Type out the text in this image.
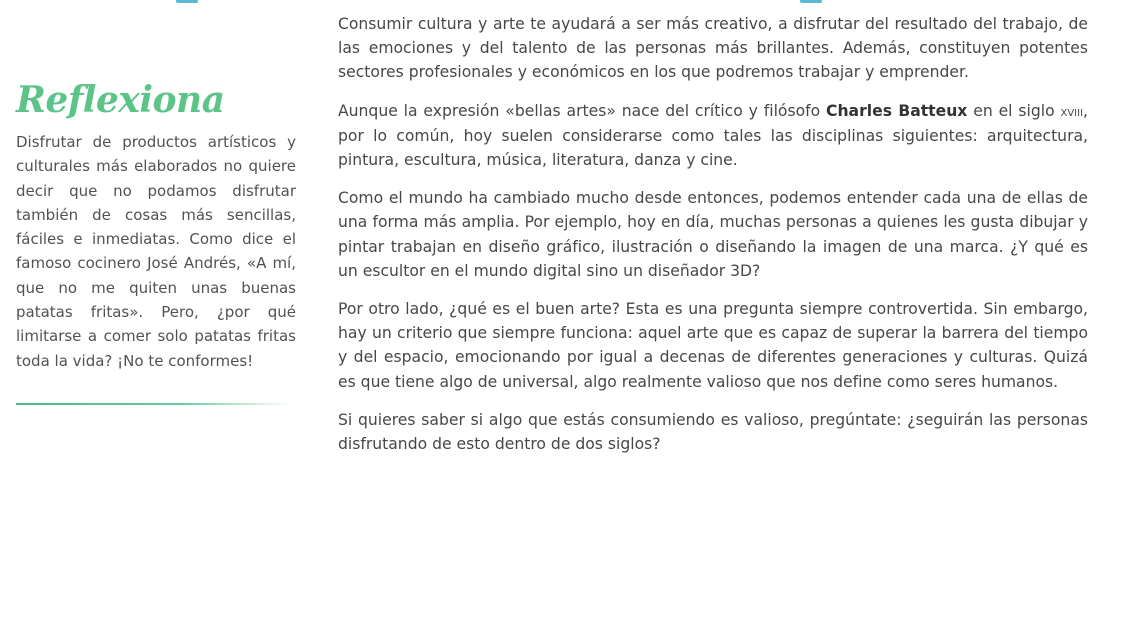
Reflexiona

Disfrutar de productos artísticos y culturales más elaborados no quiere decir que no podamos disfrutar también de cosas más sencillas, fáciles e inmediatas. Como dice el famoso cocinero José Andrés, «A mí, que no me quiten unas buenas patatas fritas». Pero, ¿por qué limitarse a comer solo patatas fritas toda la vida? ¡No te conformes!

Consumir cultura y arte te ayudará a ser más creativo, a disfrutar del resultado del trabajo, de las emociones y del talento de las personas más brillantes. Además, constituyen potentes sectores profesionales y económicos en los que podremos trabajar y emprender.

Aunque la expresión «bellas artes» nace del crítico y filósofo Charles Batteux en el siglo xviii, por lo común, hoy suelen considerarse como tales las disciplinas siguientes: arquitectura, pintura, escultura, música, literatura, danza y cine.

Como el mundo ha cambiado mucho desde entonces, podemos entender cada una de ellas de una forma más amplia. Por ejemplo, hoy en día, muchas personas a quienes les gusta dibujar y pintar trabajan en diseño gráfico, ilustración o diseñando la imagen de una marca. ¿Y qué es un escultor en el mundo digital sino un diseñador 3D?

Por otro lado, ¿qué es el buen arte? Esta es una pregunta siempre controvertida. Sin embargo, hay un criterio que siempre funciona: aquel arte que es capaz de superar la barrera del tiempo y del espacio, emocionando por igual a decenas de diferentes generaciones y culturas. Quizá es que tiene algo de universal, algo realmente valioso que nos define como seres humanos.

Si quieres saber si algo que estás consumiendo es valioso, pregúntate: ¿seguirán las personas disfrutando de esto dentro de dos siglos?
